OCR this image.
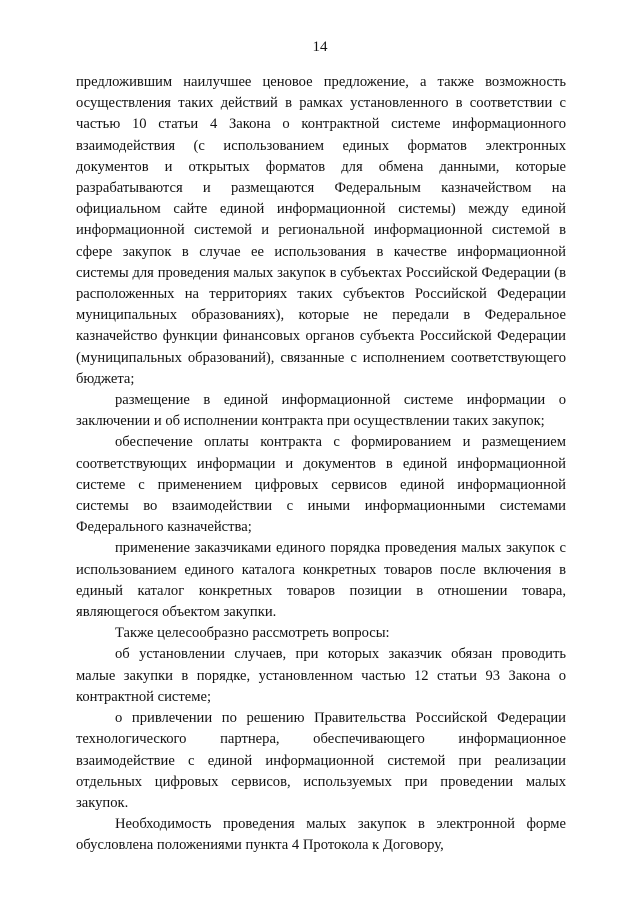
14

предложившим наилучшее ценовое предложение, а также возможность осуществления таких действий в рамках установленного в соответствии с частью 10 статьи 4 Закона о контрактной системе информационного взаимодействия (с использованием единых форматов электронных документов и открытых форматов для обмена данными, которые разрабатываются и размещаются Федеральным казначейством на официальном сайте единой информационной системы) между единой информационной системой и региональной информационной системой в сфере закупок в случае ее использования в качестве информационной системы для проведения малых закупок в субъектах Российской Федерации (в расположенных на территориях таких субъектов Российской Федерации муниципальных образованиях), которые не передали в Федеральное казначейство функции финансовых органов субъекта Российской Федерации (муниципальных образований), связанные с исполнением соответствующего бюджета;

размещение в единой информационной системе информации о заключении и об исполнении контракта при осуществлении таких закупок;

обеспечение оплаты контракта с формированием и размещением соответствующих информации и документов в единой информационной системе с применением цифровых сервисов единой информационной системы во взаимодействии с иными информационными системами Федерального казначейства;

применение заказчиками единого порядка проведения малых закупок с использованием единого каталога конкретных товаров после включения в единый каталог конкретных товаров позиции в отношении товара, являющегося объектом закупки.

Также целесообразно рассмотреть вопросы:

об установлении случаев, при которых заказчик обязан проводить малые закупки в порядке, установленном частью 12 статьи 93 Закона о контрактной системе;

о привлечении по решению Правительства Российской Федерации технологического партнера, обеспечивающего информационное взаимодействие с единой информационной системой при реализации отдельных цифровых сервисов, используемых при проведении малых закупок.

Необходимость проведения малых закупок в электронной форме обусловлена положениями пункта 4 Протокола к Договору,
